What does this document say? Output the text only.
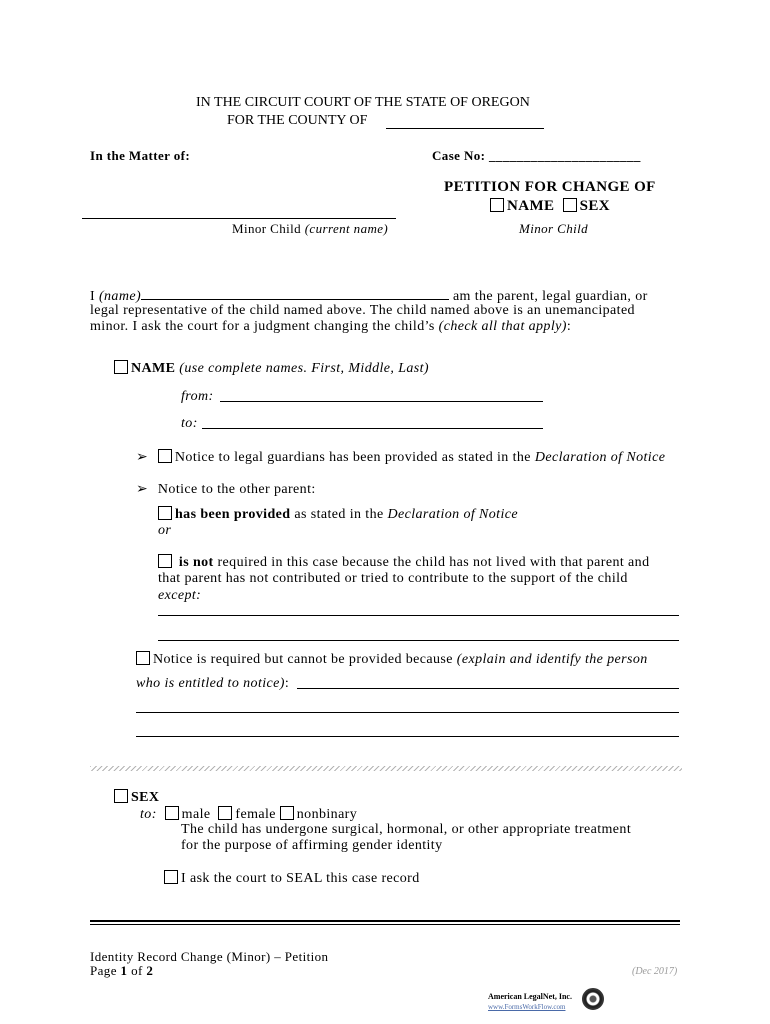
IN THE CIRCUIT COURT OF THE STATE OF OREGON
FOR THE COUNTY OF
In the Matter of:	Case No: ______________________
PETITION FOR CHANGE OF
NAME SEX
Minor Child (current name)	Minor Child
I (name)	am the parent, legal guardian, or
legal representative of the child named above. The child named above is an unemancipated
minor. I ask the court for a judgment changing the child’s (check all that apply):
NAME (use complete names. First, Middle, Last)
from:
to:
➢ Notice to legal guardians has been provided as stated in the Declaration of Notice
➢ Notice to the other parent:
has been provided as stated in the Declaration of Notice
or
is not required in this case because the child has not lived with that parent and
that parent has not contributed or tried to contribute to the support of the child
except:
Notice is required but cannot be provided because (explain and identify the person
who is entitled to notice):
SEX
to: male female nonbinary
The child has undergone surgical, hormonal, or other appropriate treatment
for the purpose of affirming gender identity
I ask the court to SEAL this case record
Identity Record Change (Minor) – Petition
Page 1 of 2	(Dec 2017)
American LegalNet, Inc.
www.FormsWorkFlow.com
